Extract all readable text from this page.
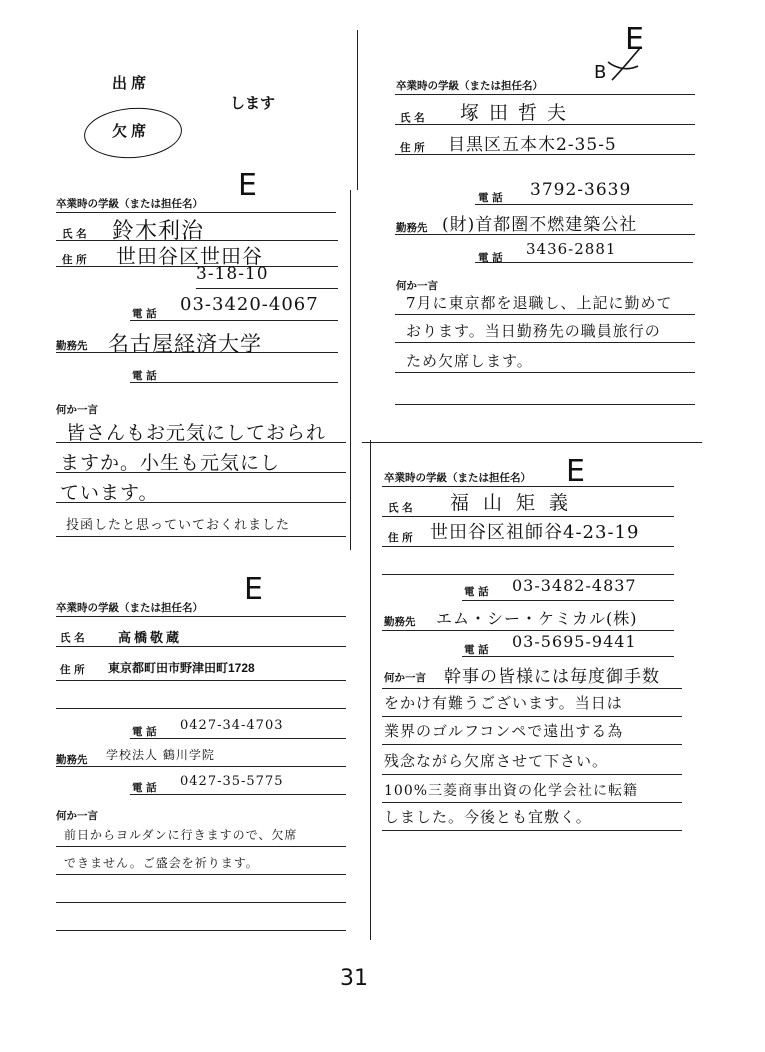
出 席
します
欠 席
E
卒業時の学級（または担任名）
氏 名 鈴木利治
住 所 世田谷区世田谷
3-18-10
電 話 03-3420-4067
勤務先 名古屋経済大学
電 話
何か一言
皆さんもお元気にしておられ
ますか。小生も元気にし
ています。
投函したと思っていておくれました
E
B
卒業時の学級（または担任名）
氏 名 塚田哲夫
住 所 目黒区五本木2-35-5
電 話 3792-3639
勤務先 (財)首都圏不燃建築公社
電 話 3436-2881
何か一言
7月に東京都を退職し、上記に勤めて
おります。当日勤務先の職員旅行の
ため欠席します。
E
卒業時の学級（または担任名）
氏 名	高橋敬蔵
住 所 東京都町田市野津田町1728
電 話 0427-34-4703
勤務先 学校法人 鶴川学院
電 話 0427-35-5775
何か一言
前日からヨルダンに行きますので、欠席
できません。ご盛会を祈ります。
E
卒業時の学級（または担任名）
氏 名 福山矩義
住 所 世田谷区祖師谷4-23-19
電 話 03-3482-4837
勤務先 エム・シー・ケミカル(株)
電 話 03-5695-9441
何か一言 幹事の皆様には毎度御手数
をかけ有難うございます。当日は
業界のゴルフコンペで遠出する為
残念ながら欠席させて下さい。
100%三菱商事出資の化学会社に転籍
しました。今後とも宜敷く。
31
